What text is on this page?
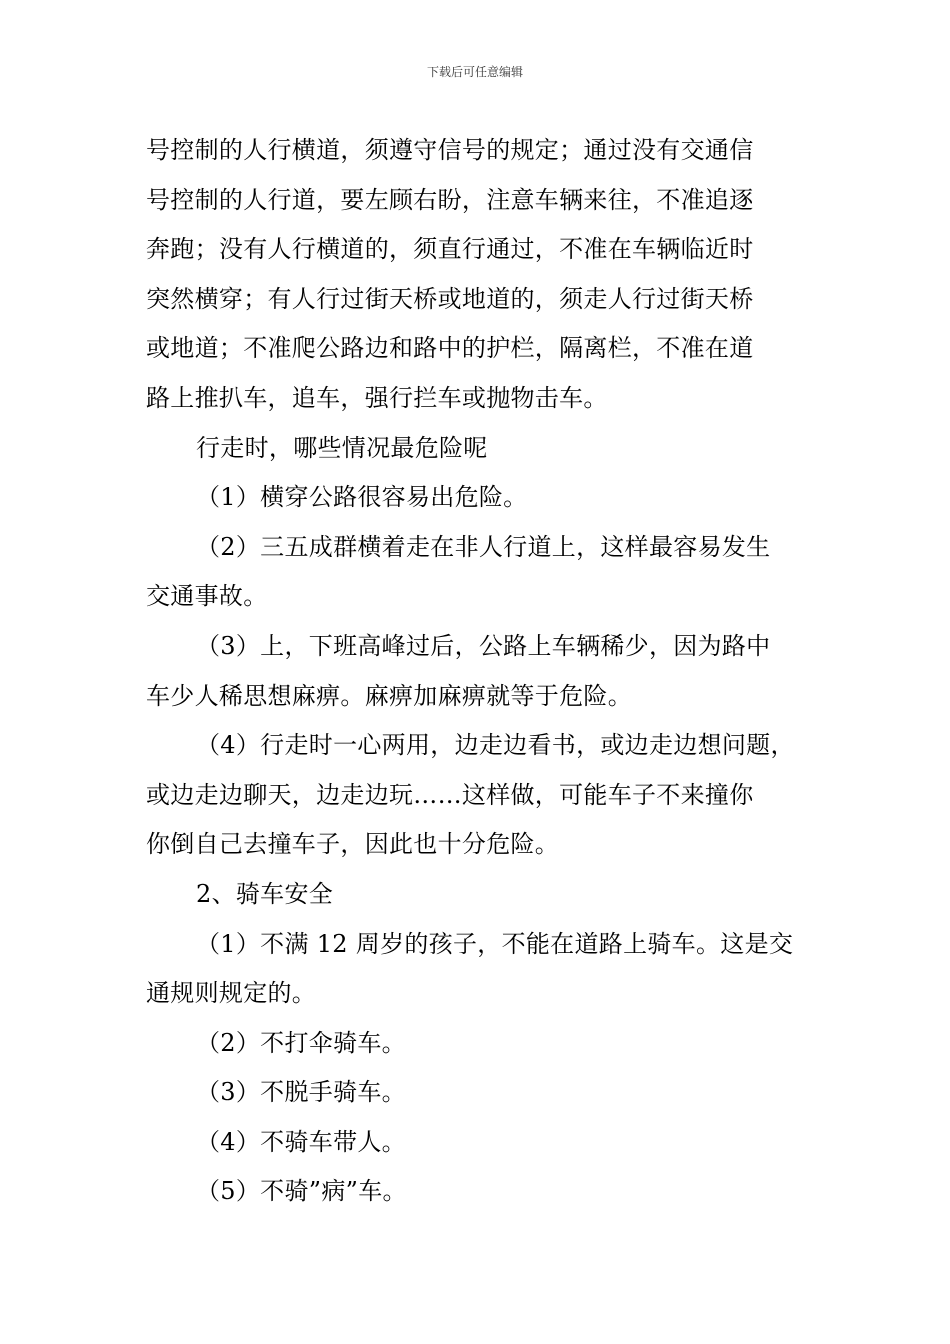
下载后可任意编辑

号控制的人行横道，须遵守信号的规定；通过没有交通信
号控制的人行道，要左顾右盼，注意车辆来往，不准追逐
奔跑；没有人行横道的，须直行通过，不准在车辆临近时
突然横穿；有人行过街天桥或地道的，须走人行过街天桥
或地道；不准爬公路边和路中的护栏，隔离栏，不准在道
路上推扒车，追车，强行拦车或抛物击车。

行走时，哪些情况最危险呢

（1）横穿公路很容易出危险。

（2）三五成群横着走在非人行道上，这样最容易发生
交通事故。

（3）上，下班高峰过后，公路上车辆稀少，因为路中
车少人稀思想麻痹。麻痹加麻痹就等于危险。

（4）行走时一心两用，边走边看书，或边走边想问题，
或边走边聊天，边走边玩……这样做，可能车子不来撞你
你倒自己去撞车子，因此也十分危险。

2、骑车安全

（1）不满 12 周岁的孩子，不能在道路上骑车。这是交
通规则规定的。

（2）不打伞骑车。

（3）不脱手骑车。

（4）不骑车带人。

（5）不骑”病”车。
